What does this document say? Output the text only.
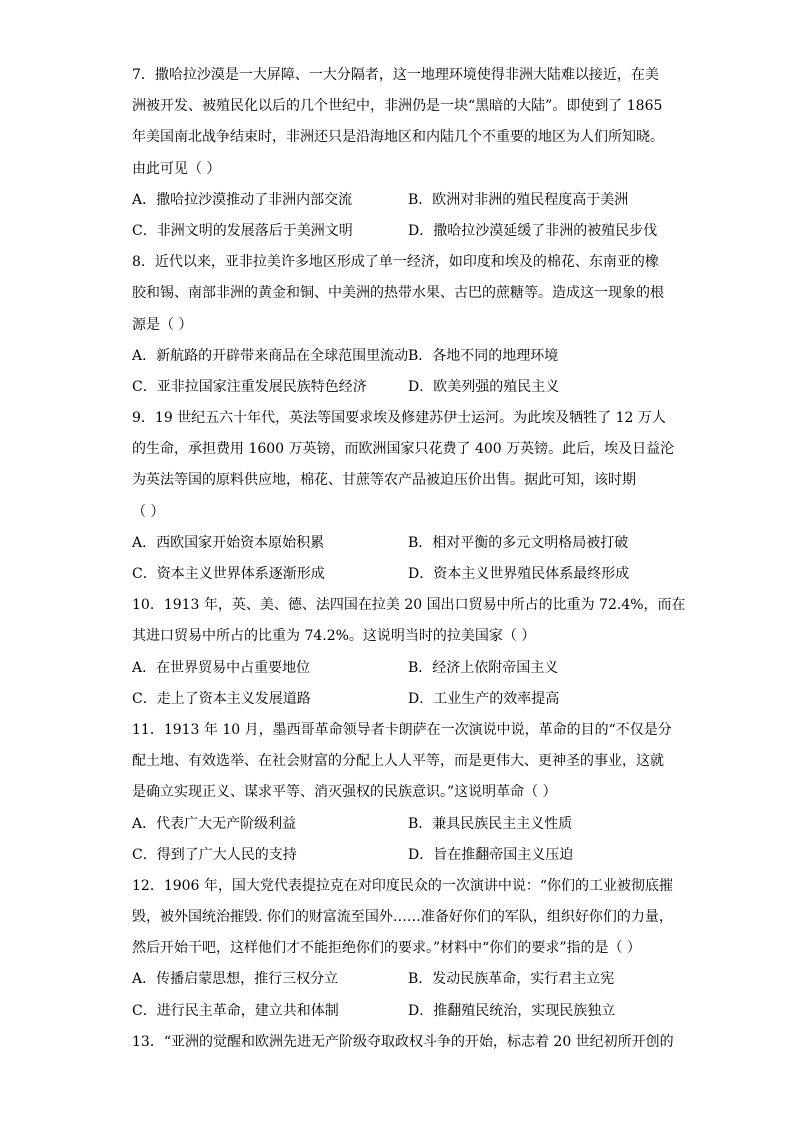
7．撒哈拉沙漠是一大屏障、一大分隔者，这一地理环境使得非洲大陆难以接近，在美
洲被开发、被殖民化以后的几个世纪中，非洲仍是一块“黑暗的大陆”。即使到了 1865
年美国南北战争结束时，非洲还只是沿海地区和内陆几个不重要的地区为人们所知晓。
由此可见（ ）
A．撒哈拉沙漠推动了非洲内部交流	B．欧洲对非洲的殖民程度高于美洲
C．非洲文明的发展落后于美洲文明	D．撒哈拉沙漠延缓了非洲的被殖民步伐
8．近代以来，亚非拉美许多地区形成了单一经济，如印度和埃及的棉花、东南亚的橡
胶和锡、南部非洲的黄金和铜、中美洲的热带水果、古巴的蔗糖等。造成这一现象的根
源是（ ）
A．新航路的开辟带来商品在全球范围里流动 B．各地不同的地理环境
C．亚非拉国家注重发展民族特色经济	D．欧美列强的殖民主义
9．19 世纪五六十年代，英法等国要求埃及修建苏伊士运河。为此埃及牺牲了 12 万人
的生命，承担费用 1600 万英镑，而欧洲国家只花费了 400 万英镑。此后，埃及日益沦
为英法等国的原料供应地，棉花、甘蔗等农产品被迫压价出售。据此可知，该时期
（ ）
A．西欧国家开始资本原始积累	B．相对平衡的多元文明格局被打破
C．资本主义世界体系逐渐形成	D．资本主义世界殖民体系最终形成
10．1913 年，英、美、德、法四国在拉美 20 国出口贸易中所占的比重为 72.4%，而在
其进口贸易中所占的比重为 74.2%。这说明当时的拉美国家（ ）
A．在世界贸易中占重要地位	B．经济上依附帝国主义
C．走上了资本主义发展道路	D．工业生产的效率提高
11．1913 年 10 月，墨西哥革命领导者卡朗萨在一次演说中说，革命的目的“不仅是分
配土地、有效选举、在社会财富的分配上人人平等，而是更伟大、更神圣的事业，这就
是确立实现正义、谋求平等、消灭强权的民族意识。”这说明革命（ ）
A．代表广大无产阶级利益	B．兼具民族民主主义性质
C．得到了广大人民的支持	D．旨在推翻帝国主义压迫
12．1906 年，国大党代表提拉克在对印度民众的一次演讲中说：“你们的工业被彻底摧
毁，被外国统治摧毁. 你们的财富流至国外……准备好你们的军队，组织好你们的力量，
然后开始干吧，这样他们才不能拒绝你们的要求。”材料中“你们的要求”指的是（ ）
A．传播启蒙思想，推行三权分立	B．发动民族革命，实行君主立宪
C．进行民主革命，建立共和体制	D．推翻殖民统治，实现民族独立
13．“亚洲的觉醒和欧洲先进无产阶级夺取政权斗争的开始，标志着 20 世纪初所开创的
